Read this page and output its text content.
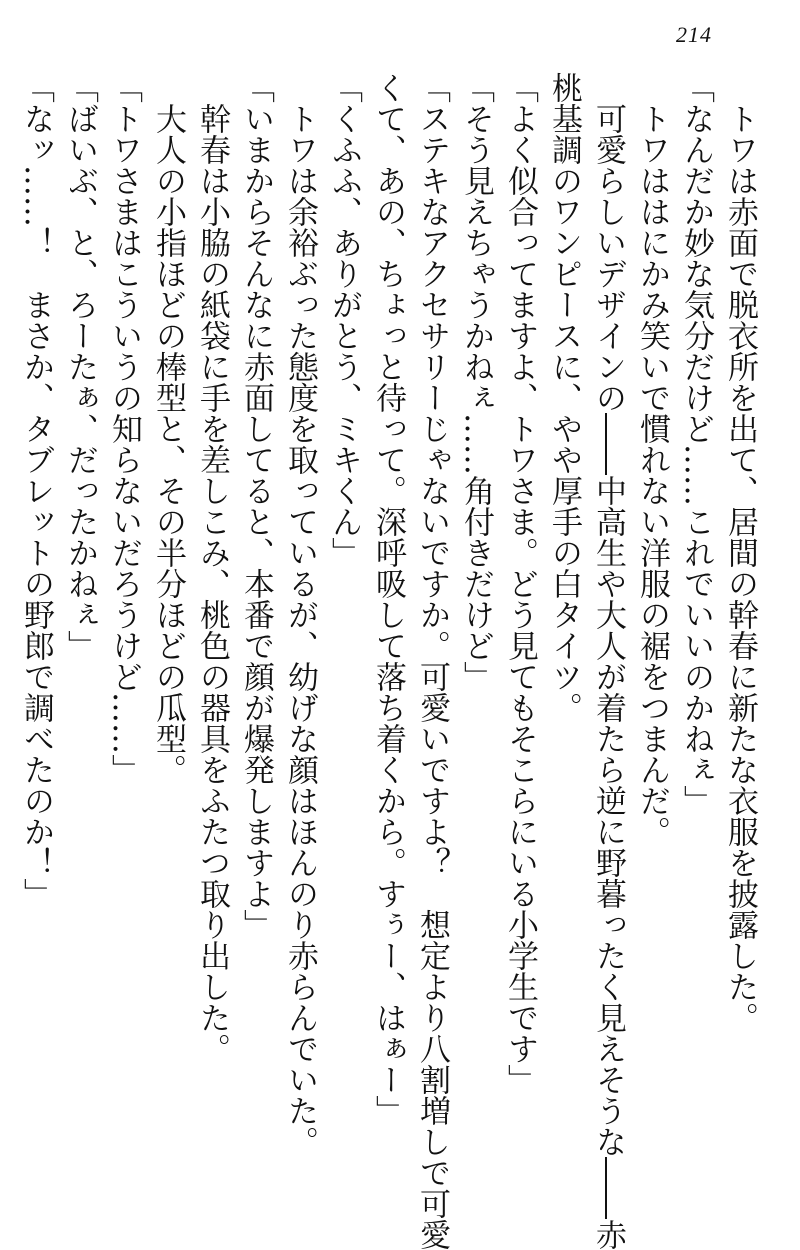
214
トワは赤面で脱衣所を出て、居間の幹春に新たな衣服を披露した。
「なんだか妙な気分だけど……これでいいのかねぇ」
トワははにかみ笑いで慣れない洋服の裾をつまんだ。
可愛らしいデザインの――中高生や大人が着たら逆に野暮ったく見えそうな――赤
桃基調のワンピースに、やや厚手の白タイツ。
「よく似合ってますよ、トワさま。どう見てもそこらにいる小学生です」
「そう見えちゃうかねぇ……角付きだけど」
「ステキなアクセサリーじゃないですか。可愛いですよ？　想定より八割増しで可愛
くて、あの、ちょっと待って。深呼吸して落ち着くから。すぅー、はぁー」
「くふふ、ありがとう、ミキくん」
トワは余裕ぶった態度を取っているが、幼げな顔はほんのり赤らんでいた。
「いまからそんなに赤面してると、本番で顔が爆発しますよ」
幹春は小脇の紙袋に手を差しこみ、桃色の器具をふたつ取り出した。
大人の小指ほどの棒型と、その半分ほどの瓜型。
「トワさまはこういうの知らないだろうけど……」
「ばいぶ、と、ろーたぁ、だったかねぇ」
「なッ……！　まさか、タブレットの野郎で調べたのか！」
